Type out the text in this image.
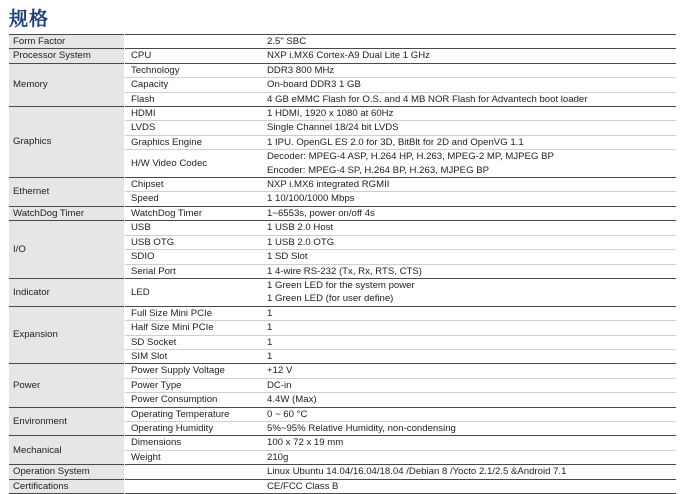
规格
Form Factor			2.5" SBC

Processor System		CPU	NXP i.MX6 Cortex-A9 Dual Lite 1 GHz

Memory		Technology	DDR3 800 MHz

	Capacity	On-board DDR3 1 GB

	Flash	4 GB eMMC Flash for O.S. and 4 MB NOR Flash for Advantech boot loader

Graphics		HDMI	1 HDMI, 1920 x 1080 at 60Hz

	LVDS	Single Channel 18/24 bit LVDS

	Graphics Engine	1 IPU. OpenGL ES 2.0 for 3D, BitBlt for 2D and OpenVG 1.1

	H/W Video Codec	Decoder: MPEG-4 ASP, H.264 HP, H.263, MPEG-2 MP, MJPEG BP
Encoder: MPEG-4 SP, H.264 BP, H.263, MJPEG BP

Ethernet		Chipset	NXP i.MX6 integrated RGMII

	Speed	1 10/100/1000 Mbps

WatchDog Timer		WatchDog Timer	1~6553s, power on/off 4s

I/O		USB	1 USB 2.0 Host

	USB OTG	1 USB 2.0 OTG

	SDIO	1 SD Slot

	Serial Port	1 4-wire RS-232 (Tx, Rx, RTS, CTS)

Indicator		LED	1 Green LED for the system power
1 Green LED (for user define)

Expansion		Full Size Mini PCIe	1

	Half Size Mini PCIe	1

	SD Socket	1

	SIM Slot	1

Power		Power Supply Voltage	+12 V

	Power Type	DC-in

	Power Consumption	4.4W (Max)

Environment		Operating Temperature	0 ~ 60 °C

	Operating Humidity	5%~95% Relative Humidity, non-condensing

Mechanical		Dimensions	100 x 72 x 19 mm

	Weight	210g

Operation System			Linux Ubuntu 14.04/16.04/18.04 /Debian 8 /Yocto 2.1/2.5 &Android 7.1

Certifications			CE/FCC Class B
